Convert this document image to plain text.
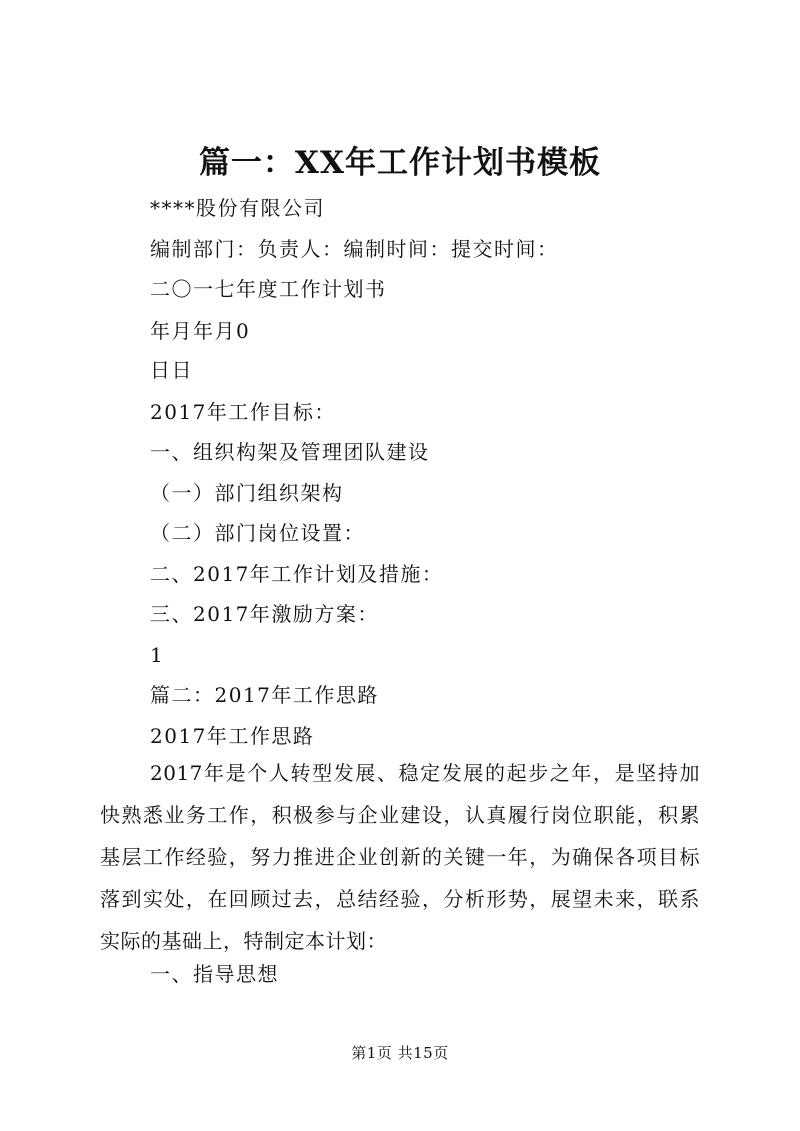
篇一：XX年工作计划书模板
****股份有限公司
编制部门：负责人：编制时间：提交时间：
二〇一七年度工作计划书
年月年月0
日日
2017年工作目标：
一、组织构架及管理团队建设
（一）部门组织架构
（二）部门岗位设置：
二、2017年工作计划及措施：
三、2017年激励方案：
1
篇二：2017年工作思路
2017年工作思路
2017年是个人转型发展、稳定发展的起步之年，是坚持加
快熟悉业务工作，积极参与企业建设，认真履行岗位职能，积累
基层工作经验，努力推进企业创新的关键一年，为确保各项目标
落到实处，在回顾过去，总结经验，分析形势，展望未来，联系
实际的基础上，特制定本计划：
一、指导思想
第1页 共15页
